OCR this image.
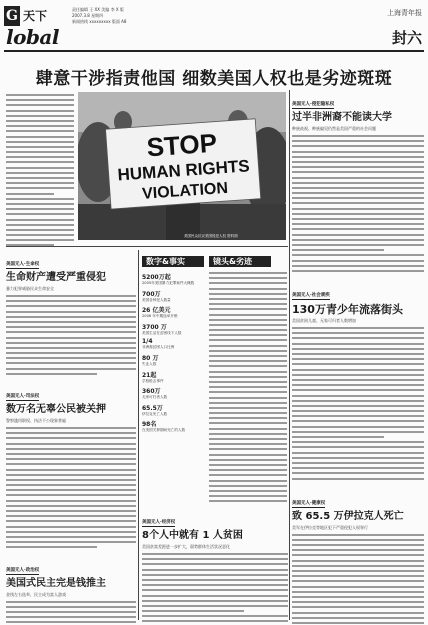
G 天下
lobal
责任编辑 王 XX 美编 李 X 版
2007.3.8 星期四
新闻热线 xxxxxxxxx 版面 A8
上海青年报
封六
肆意干涉指责他国 细数美国人权也是劣迹斑斑
STOP
HUMAN RIGHTS
VIOLATION
美国民众抗议美国侵犯人权 资料图
美国无人·侵犯隐私权
过半非洲裔不能读大学
种族歧视、种族偏见仍然是美国严重的社会问题
美国无人·社会顽疾
130万青少年流落街头
美国贫困儿童、无家可归者人数增加
美国无人·健康权
致 65.5 万伊拉克人死亡
美军在伊拉克等地区犯下严重侵犯人权罪行
美国无人·生命权
生命财产遭受严重侵犯
暴力犯罪威胁民众生命安全
美国无人·司法权
数万名无辜公民被关押
警察滥用职权、执法不公现象普遍
美国无人·政治权
美国式民主完是钱推主
金钱左右选举，民主成为富人游戏
数字&事实	镜头&劣迹
5200万起
2005年美国暴力犯罪案件大概数
700万
美国各种犯人数量
26 亿美元
2006 年中期选举开销
3700 万
美国生活在贫困线下人数
1/4
非洲裔贫困人口比例
80 万
失业人数
21起
学校枪击事件
360万
无家可归者人数
65.5万
伊拉克死亡人数
98名
在美国关押期间死亡的人数
美国无人·经济权
8个人中就有 1 人贫困
美国贫富差距进一步扩大，弱势群体生活状况恶化
